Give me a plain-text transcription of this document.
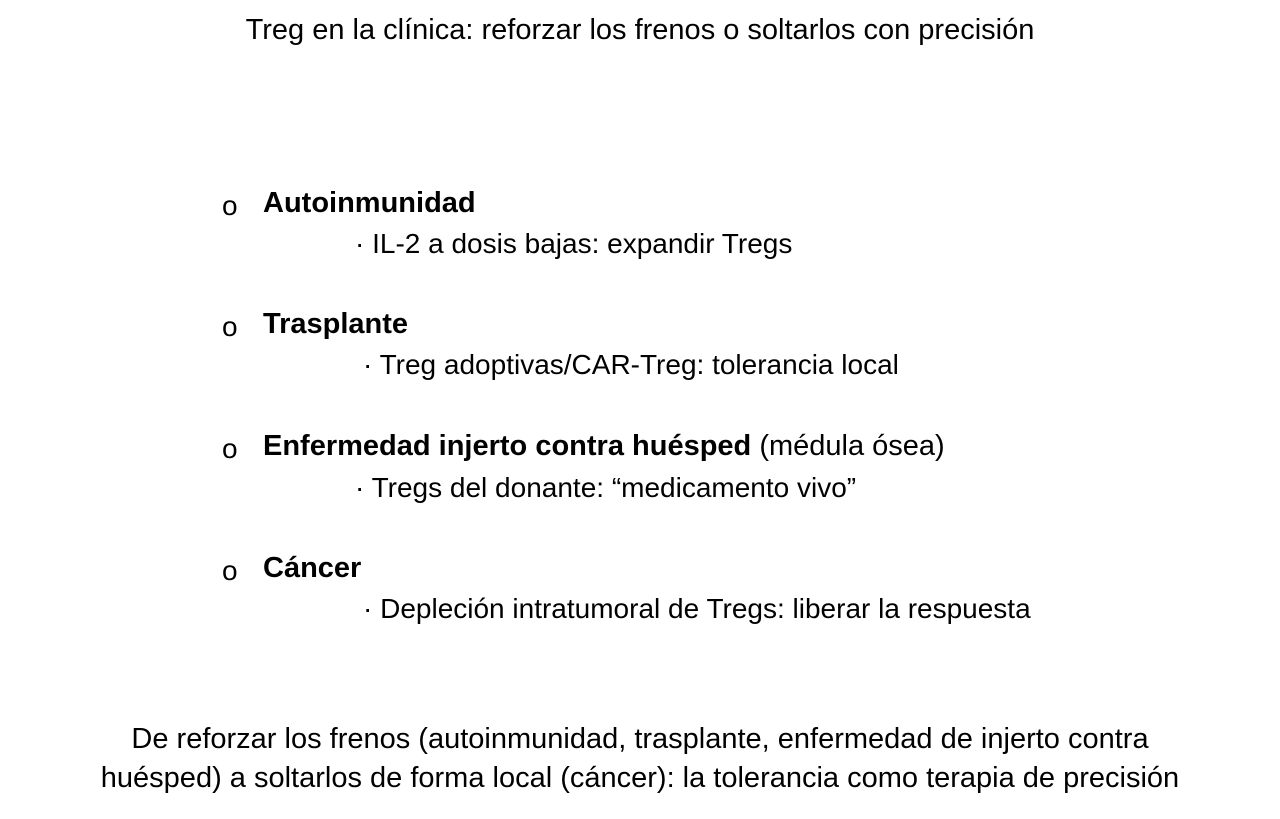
Treg en la clínica: reforzar los frenos o soltarlos con precisión
o Autoinmunidad
· IL-2 a dosis bajas: expandir Tregs
o Trasplante
· Treg adoptivas/CAR-Treg: tolerancia local
o Enfermedad injerto contra huésped (médula ósea)
· Tregs del donante: “medicamento vivo”
o Cáncer
· Depleción intratumoral de Tregs: liberar la respuesta
De reforzar los frenos (autoinmunidad, trasplante, enfermedad de injerto contra
huésped) a soltarlos de forma local (cáncer): la tolerancia como terapia de precisión
